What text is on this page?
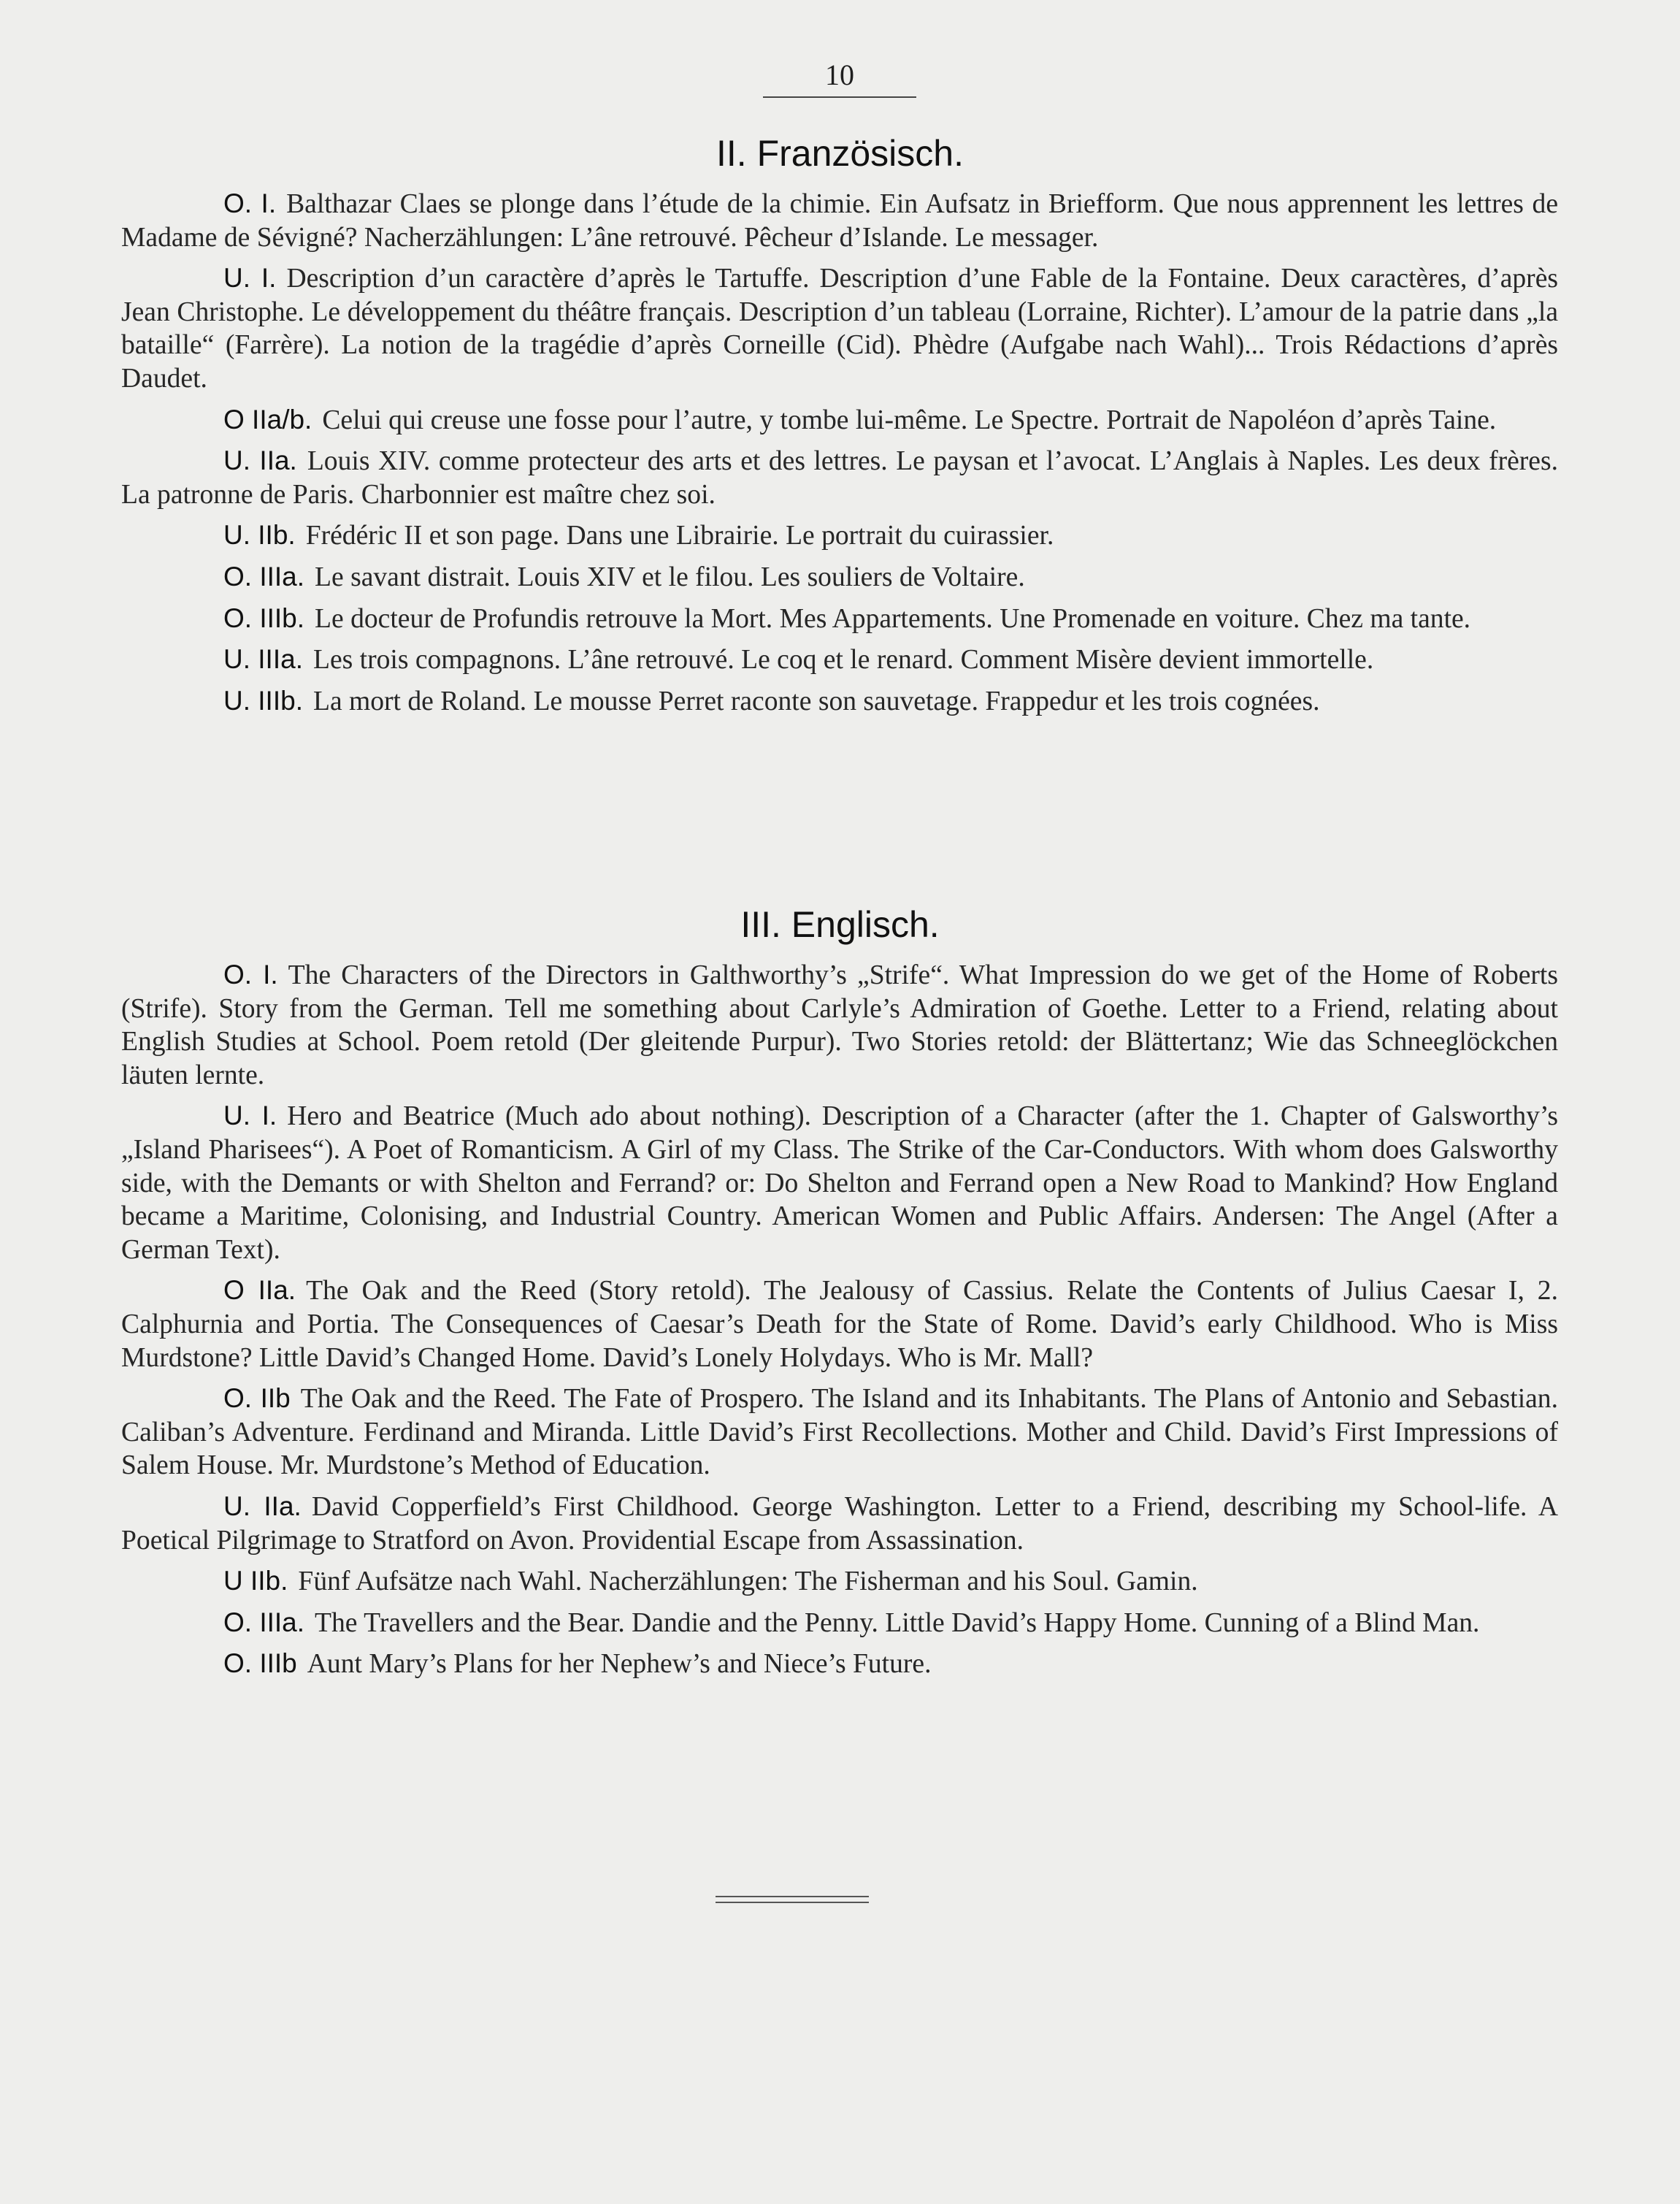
10
II. Französisch.

O. I. Balthazar Claes se plonge dans l’étude de la chimie. Ein Aufsatz in Briefform. Que nous apprennent les lettres de Madame de Sévigné? Nacherzählungen: L’âne retrouvé. Pêcheur d’Islande. Le messager.

U. I. Description d’un caractère d’après le Tartuffe. Description d’une Fable de la Fontaine. Deux caractères, d’après Jean Christophe. Le développement du théâtre français. Description d’un tableau (Lorraine, Richter). L’amour de la patrie dans „la bataille“ (Farrère). La notion de la tragédie d’après Corneille (Cid). Phèdre (Aufgabe nach Wahl)... Trois Rédactions d’après Daudet.

O IIa/b. Celui qui creuse une fosse pour l’autre, y tombe lui-même. Le Spectre. Portrait de Napoléon d’après Taine.

U. IIa. Louis XIV. comme protecteur des arts et des lettres. Le paysan et l’avocat. L’Anglais à Naples. Les deux frères. La patronne de Paris. Charbonnier est maître chez soi.

U. IIb. Frédéric II et son page. Dans une Librairie. Le portrait du cuirassier.

O. IIIa. Le savant distrait. Louis XIV et le filou. Les souliers de Voltaire.

O. IIIb. Le docteur de Profundis retrouve la Mort. Mes Appartements. Une Promenade en voiture. Chez ma tante.

U. IIIa. Les trois compagnons. L’âne retrouvé. Le coq et le renard. Comment Misère devient immortelle.

U. IIIb. La mort de Roland. Le mousse Perret raconte son sauvetage. Frappedur et les trois cognées.

III. Englisch.

O. I. The Characters of the Directors in Galthworthy’s „Strife“. What Impression do we get of the Home of Roberts (Strife). Story from the German. Tell me something about Carlyle’s Admiration of Goethe. Letter to a Friend, relating about English Studies at School. Poem retold (Der gleitende Purpur). Two Stories retold: der Blättertanz; Wie das Schneeglöckchen läuten lernte.

U. I. Hero and Beatrice (Much ado about nothing). Description of a Character (after the 1. Chapter of Galsworthy’s „Island Pharisees“). A Poet of Romanticism. A Girl of my Class. The Strike of the Car-Conductors. With whom does Galsworthy side, with the Demants or with Shelton and Ferrand? or: Do Shelton and Ferrand open a New Road to Mankind? How England became a Maritime, Colonising, and Industrial Country. American Women and Public Affairs. Andersen: The Angel (After a German Text).

O IIa. The Oak and the Reed (Story retold). The Jealousy of Cassius. Relate the Contents of Julius Caesar I, 2. Calphurnia and Portia. The Consequences of Caesar’s Death for the State of Rome. David’s early Childhood. Who is Miss Murdstone? Little David’s Changed Home. David’s Lonely Holydays. Who is Mr. Mall?

O. IIb The Oak and the Reed. The Fate of Prospero. The Island and its Inhabitants. The Plans of Antonio and Sebastian. Caliban’s Adventure. Ferdinand and Miranda. Little David’s First Recollections. Mother and Child. David’s First Impressions of Salem House. Mr. Murdstone’s Method of Education.

U. IIa. David Copperfield’s First Childhood. George Washington. Letter to a Friend, describing my School-life. A Poetical Pilgrimage to Stratford on Avon. Providential Escape from Assassination.

U IIb. Fünf Aufsätze nach Wahl. Nacherzählungen: The Fisherman and his Soul. Gamin.

O. IIIa. The Travellers and the Bear. Dandie and the Penny. Little David’s Happy Home. Cunning of a Blind Man.

O. IIIb Aunt Mary’s Plans for her Nephew’s and Niece’s Future.
